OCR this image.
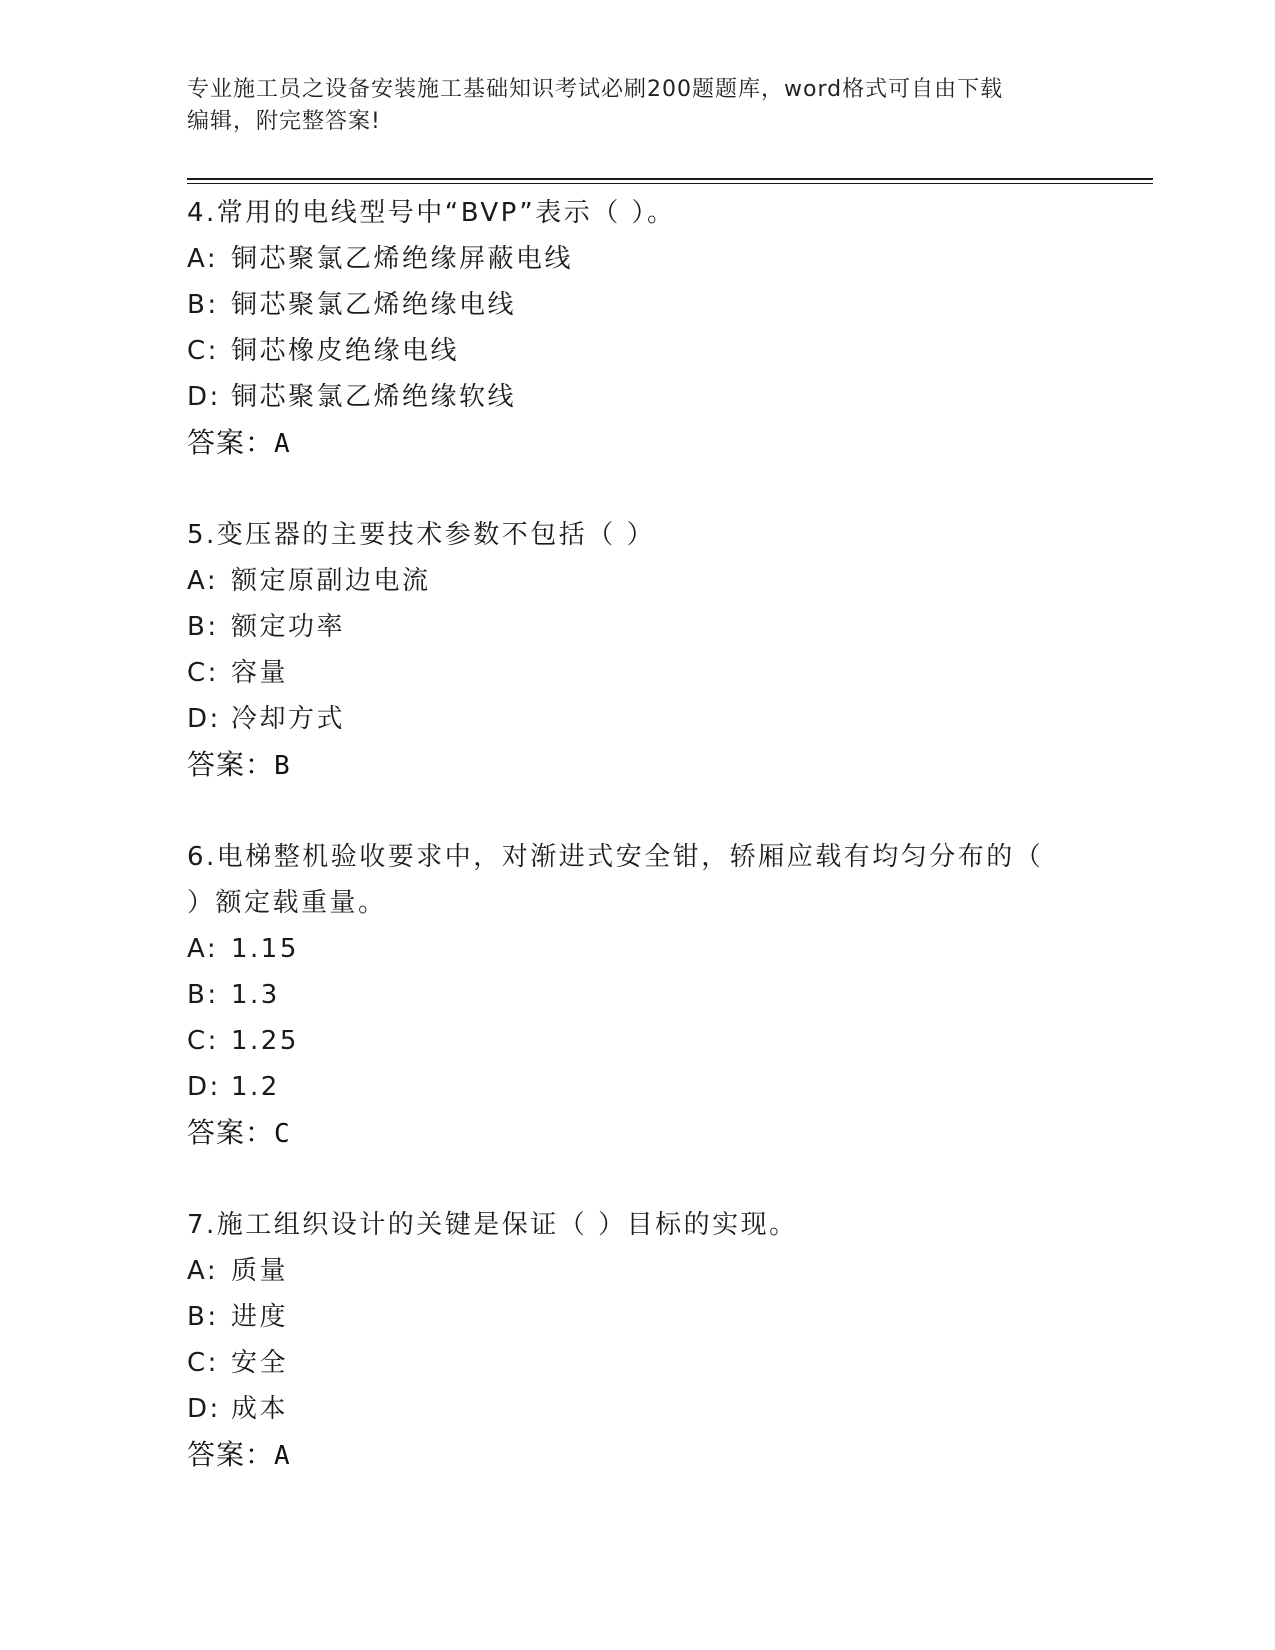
专业施工员之设备安装施工基础知识考试必刷200题题库，word格式可自由下载
编辑，附完整答案!
4.常用的电线型号中“BVP”表示（ ）。
A: 铜芯聚氯乙烯绝缘屏蔽电线
B: 铜芯聚氯乙烯绝缘电线
C: 铜芯橡皮绝缘电线
D: 铜芯聚氯乙烯绝缘软线
答案：A
5.变压器的主要技术参数不包括（ ）
A: 额定原副边电流
B: 额定功率
C: 容量
D: 冷却方式
答案：B
6.电梯整机验收要求中，对渐进式安全钳，轿厢应载有均匀分布的（
）额定载重量。
A: 1.15
B: 1.3
C: 1.25
D: 1.2
答案：C
7.施工组织设计的关键是保证（ ）目标的实现。
A: 质量
B: 进度
C: 安全
D: 成本
答案：A
